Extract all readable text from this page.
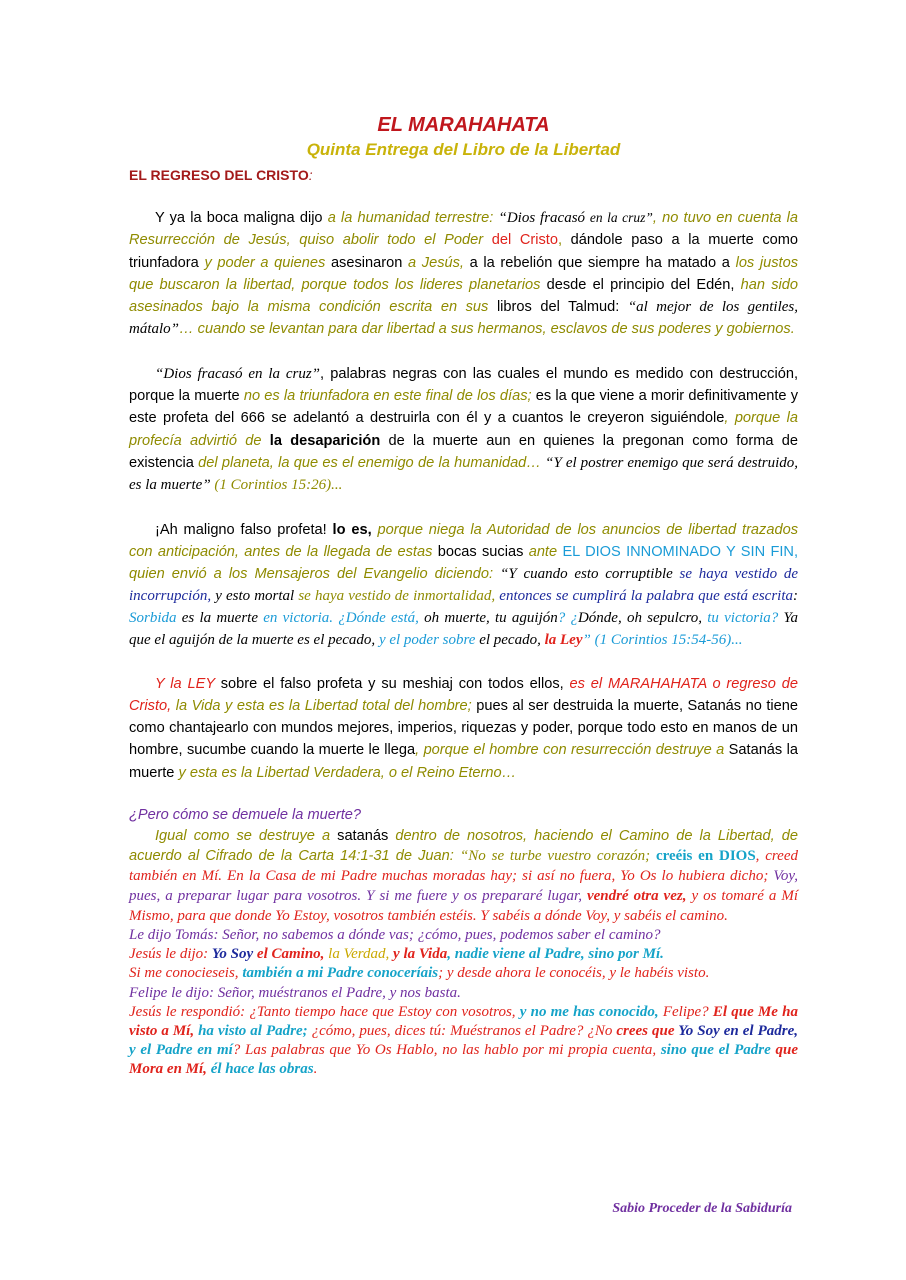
EL MARAHAHATA
Quinta Entrega del Libro de la Libertad
EL REGRESO DEL CRISTO:

Y ya la boca maligna dijo a la humanidad terrestre: “Dios fracasó en la cruz”, no tuvo en cuenta la Resurrección de Jesús, quiso abolir todo el Poder del Cristo, dándole paso a la muerte como triunfadora y poder a quienes asesinaron a Jesús, a la rebelión que siempre ha matado a los justos que buscaron la libertad, porque todos los lideres planetarios desde el principio del Edén, han sido asesinados bajo la misma condición escrita en sus libros del Talmud: “al mejor de los gentiles, mátalo”… cuando se levantan para dar libertad a sus hermanos, esclavos de sus poderes y gobiernos.

“Dios fracasó en la cruz”, palabras negras con las cuales el mundo es medido con destrucción, porque la muerte no es la triunfadora en este final de los días; es la que viene a morir definitivamente y este profeta del 666 se adelantó a destruirla con él y a cuantos le creyeron siguiéndole, porque la profecía advirtió de la desaparición de la muerte aun en quienes la pregonan como forma de existencia del planeta, la que es el enemigo de la humanidad… “Y el postrer enemigo que será destruido, es la muerte” (1 Corintios 15:26)...

¡Ah maligno falso profeta! lo es, porque niega la Autoridad de los anuncios de libertad trazados con anticipación, antes de la llegada de estas bocas sucias ante EL DIOS INNOMINADO Y SIN FIN, quien envió a los Mensajeros del Evangelio diciendo: “Y cuando esto corruptible se haya vestido de incorrupción, y esto mortal se haya vestido de inmortalidad, entonces se cumplirá la palabra que está escrita: Sorbida es la muerte en victoria. ¿Dónde está, oh muerte, tu aguijón? ¿Dónde, oh sepulcro, tu victoria? Ya que el aguijón de la muerte es el pecado, y el poder sobre el pecado, la Ley” (1 Corintios 15:54-56)...

Y la LEY sobre el falso profeta y su meshiaj con todos ellos, es el MARAHAHATA o regreso de Cristo, la Vida y esta es la Libertad total del hombre; pues al ser destruida la muerte, Satanás no tiene como chantajearlo con mundos mejores, imperios, riquezas y poder, porque todo esto en manos de un hombre, sucumbe cuando la muerte le llega, porque el hombre con resurrección destruye a Satanás la muerte y esta es la Libertad Verdadera, o el Reino Eterno…

¿Pero cómo se demuele la muerte?

Igual como se destruye a satanás dentro de nosotros, haciendo el Camino de la Libertad, de acuerdo al Cifrado de la Carta 14:1-31 de Juan: “No se turbe vuestro corazón; creéis en DIOS, creed también en Mí. En la Casa de mi Padre muchas moradas hay; si así no fuera, Yo Os lo hubiera dicho; Voy, pues, a preparar lugar para vosotros. Y si me fuere y os prepararé lugar, vendré otra vez, y os tomaré a Mí Mismo, para que donde Yo Estoy, vosotros también estéis. Y sabéis a dónde Voy, y sabéis el camino.

Le dijo Tomás: Señor, no sabemos a dónde vas; ¿cómo, pues, podemos saber el camino?

Jesús le dijo: Yo Soy el Camino, la Verdad, y la Vida, nadie viene al Padre, sino por Mí.

Si me conocieseis, también a mi Padre conoceríais; y desde ahora le conocéis, y le habéis visto.

Felipe le dijo: Señor, muéstranos el Padre, y nos basta.

Jesús le respondió: ¿Tanto tiempo hace que Estoy con vosotros, y no me has conocido, Felipe? El que Me ha visto a Mí, ha visto al Padre; ¿cómo, pues, dices tú: Muéstranos el Padre? ¿No crees que Yo Soy en el Padre, y el Padre en mí? Las palabras que Yo Os Hablo, no las hablo por mi propia cuenta, sino que el Padre que Mora en Mí, él hace las obras.

Sabio Proceder de la Sabiduría
